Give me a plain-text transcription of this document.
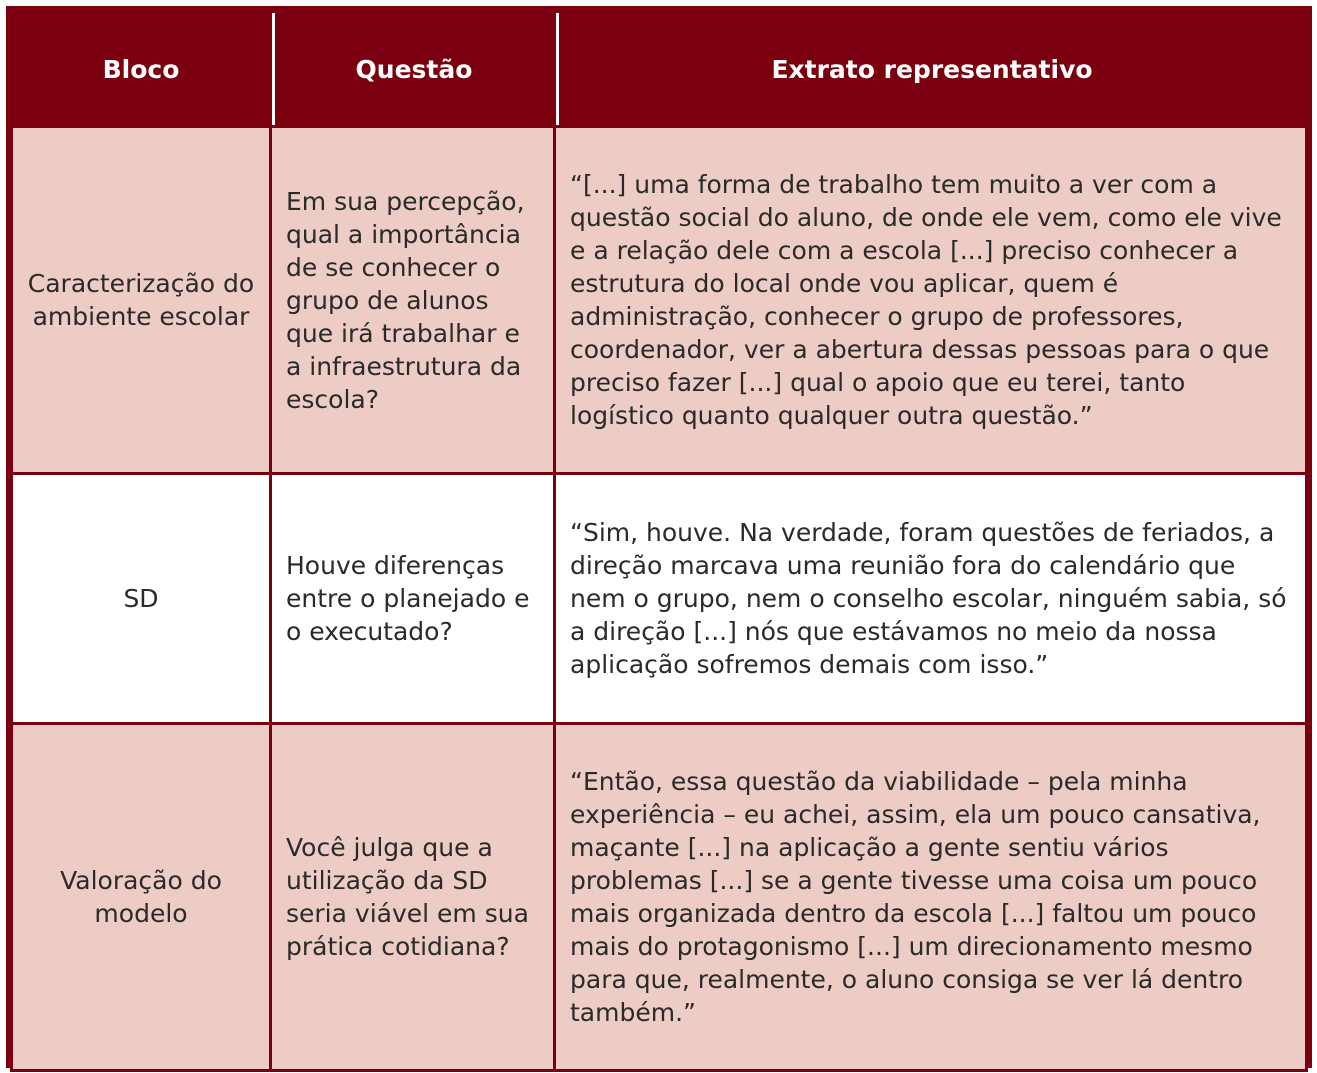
Bloco	Questão	Extrato representativo
Caracterização do ambiente escolar	Em sua percepção, qual a importância de se conhecer o grupo de alunos que irá trabalhar e a infraestrutura da escola?	“[...] uma forma de trabalho tem muito a ver com a questão social do aluno, de onde ele vem, como ele vive e a relação dele com a escola [...] preciso conhecer a estrutura do local onde vou aplicar, quem é administração, conhecer o grupo de professores, coordenador, ver a abertura dessas pessoas para o que preciso fazer [...] qual o apoio que eu terei, tanto logístico quanto qualquer outra questão.”
SD	Houve diferenças entre o planejado e o executado?	“Sim, houve. Na verdade, foram questões de feriados, a direção marcava uma reunião fora do calendário que nem o grupo, nem o conselho escolar, ninguém sabia, só a direção [...] nós que estávamos no meio da nossa aplicação sofremos demais com isso.”
Valoração do modelo	Você julga que a utilização da SD seria viável em sua prática cotidiana?	“Então, essa questão da viabilidade – pela minha experiência – eu achei, assim, ela um pouco cansativa, maçante [...] na aplicação a gente sentiu vários problemas [...] se a gente tivesse uma coisa um pouco mais organizada dentro da escola [...] faltou um pouco mais do protagonismo [...] um direcionamento mesmo para que, realmente, o aluno consiga se ver lá dentro também.”
